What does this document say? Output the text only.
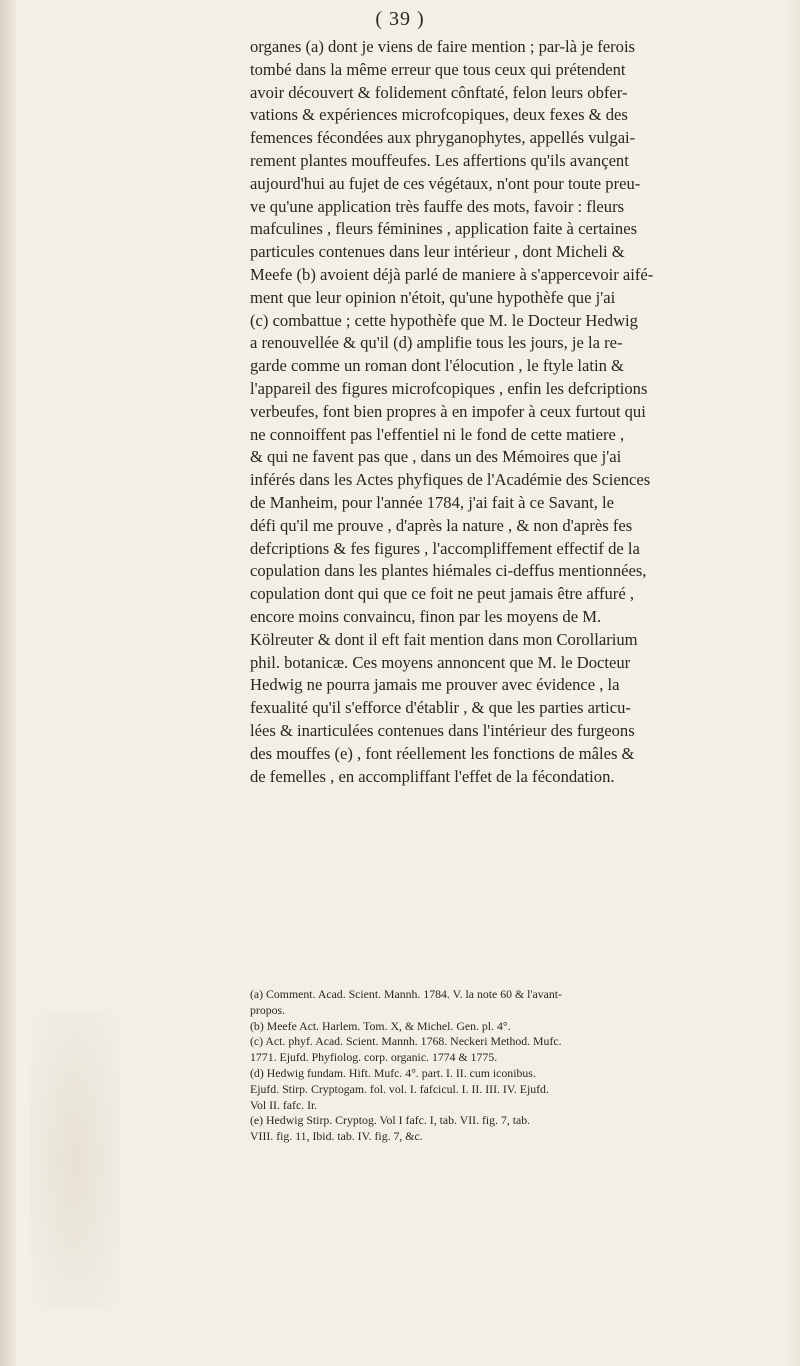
( 39 )
organes (a) dont je viens de faire mention ; par-là je ferois
tombé dans la même erreur que tous ceux qui prétendent
avoir découvert & folidement cônftaté, felon leurs obfer-
vations & expériences microfcopiques, deux fexes & des
femences fécondées aux phryganophytes, appellés vulgai-
rement plantes mouffeufes. Les affertions qu'ils avançent
aujourd'hui au fujet de ces végétaux, n'ont pour toute preu-
ve qu'une application très fauffe des mots, favoir : fleurs
mafculines , fleurs féminines , application faite à certaines
particules contenues dans leur intérieur , dont Micheli &
Meefe (b) avoient déjà parlé de maniere à s'appercevoir aifé-
ment que leur opinion n'étoit, qu'une hypothèfe que j'ai
(c) combattue ; cette hypothèfe que M. le Docteur Hedwig
a renouvellée & qu'il (d) amplifie tous les jours, je la re-
garde comme un roman dont l'élocution , le ftyle latin &
l'appareil des figures microfcopiques , enfin les defcriptions
verbeufes, font bien propres à en impofer à ceux furtout qui
ne connoiffent pas l'effentiel ni le fond de cette matiere ,
& qui ne favent pas que , dans un des Mémoires que j'ai
inférés dans les Actes phyfiques de l'Académie des Sciences
de Manheim, pour l'année 1784, j'ai fait à ce Savant, le
défi qu'il me prouve , d'après la nature , & non d'après fes
defcriptions & fes figures , l'accompliffement effectif de la
copulation dans les plantes hiémales ci-deffus mentionnées,
copulation dont qui que ce foit ne peut jamais être affuré ,
encore moins convaincu, finon par les moyens de M.
Kölreuter & dont il eft fait mention dans mon Corollarium
phil. botanicæ. Ces moyens annoncent que M. le Docteur
Hedwig ne pourra jamais me prouver avec évidence , la
fexualité qu'il s'efforce d'établir , & que les parties articu-
lées & inarticulées contenues dans l'intérieur des furgeons
des mouffes (e) , font réellement les fonctions de mâles &
de femelles , en accompliffant l'effet de la fécondation.
(a) Comment. Acad. Scient. Mannh. 1784. V. la note 60 & l'avant-
propos.
(b) Meefe Act. Harlem. Tom. X, & Michel. Gen. pl. 4°.
(c) Act. phyf. Acad. Scient. Mannh. 1768. Neckeri Method. Mufc.
1771. Ejufd. Phyfiolog. corp. organic. 1774 & 1775.
(d) Hedwig fundam. Hift. Mufc. 4°. part. I. II. cum iconibus.
Ejufd. Stirp. Cryptogam. fol. vol. I. fafcicul. I. II. III. IV. Ejufd.
Vol II. fafc. Ir.
(e) Hedwig Stirp. Cryptog. Vol I fafc. I, tab. VII. fig. 7, tab.
VIII. fig. 11, Ibid. tab. IV. fig. 7, &c.
